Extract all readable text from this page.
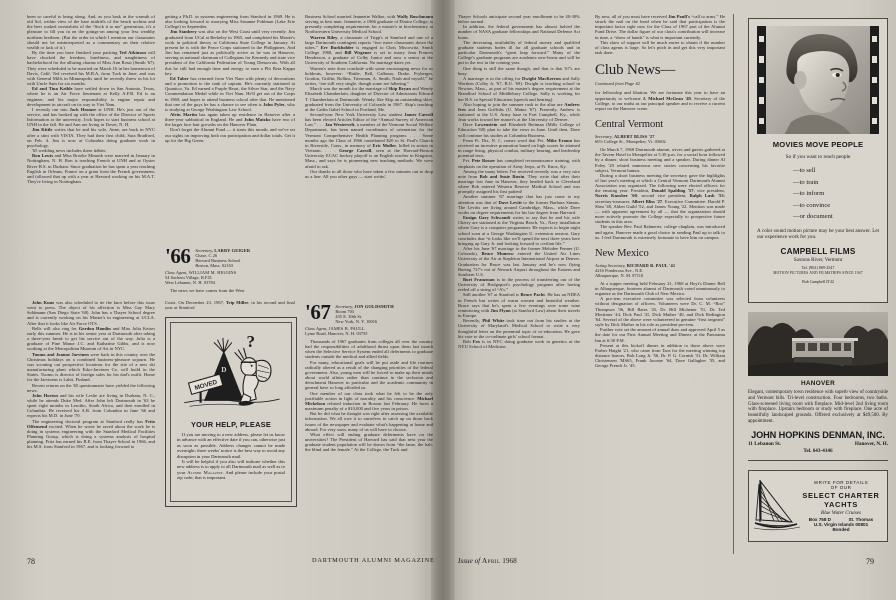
been so careful to bring along. And, as you bask in the warmth of old Sol, within view of the bare midriffs of the beach urchins and the beer soaked sweatshirts of the “Sock it to me” generation, it's a pleasure to fill you in on the goings-on among your less wealthy northern brethren. (But the order in which I mention our classmates should not be misinterpreted as a commentary on their relative wealth or lack of it.)

By the time you have finished your packing Ted Atkinson will have chucked the freedom, loneliness, and naughtiness of bachelorhood for the alluring charms of Miss Ann Rossi (Smith '67). They were scheduled to be married on March 16 in her hometown of Davis, Calif. Ted received his M.B.A. from Tuck in June, and was with General Mills in Minneapolis until he recently threw in his lot with Uncle Sam for six months.

Ed and Tina Keible have settled down in San Antonio, Texas, where he is an Air Force lieutenant at Kelly A.F.B. Ed is an engineer, and his major responsibility is engine repair and development in aircraft on its way to Viet Nam.

I recently ran into Jock Hosmer at UNH. He's just out of the service, and has hooked up with the office of the Director of Sports Information at the university. Jock hopes to start business school at UNH in the fall. He and Ann are living in Dover, N. H.

Jim Kittle writes that he and his wife, Anne, are back in NYC after a stint with VISTA. They had their first child, Sara Bradford, on Feb. 4. Jim is now at Columbia doing graduate work in psychology.

'65 wedding news includes these tidbits:

Ron Lewis and Miss Brooke Minarik were married in January in Nottingham, N. H. Ron is teaching French at UNH and at Oyster River H.S. in Durham. Since graduation he has spent a year teaching English in Orleans, France on a grant from the French government, and followed that up with a year at Harvard working on his M.A.T. They're living in Nottingham.

John Kunz was also scheduled to tie the knot before this issue went to press. The object of his affection is Miss Gay Mary Soldmann (San Diego State '68). John has a Thayer School degree and is currently working on his Master's in engineering at UCLA. After that it looks like Air Force OTS.

Bells will also ring for Gordon Hamlin and Miss Julia Keiser early this summer. He is in his senior year at Dartmouth after taking a three-year break to get his service out of the way. Julia is a graduate of Pine Manor J.C. and Katharine Gibbs, and is now working at the Metropolitan Museum of Art in NYC.

Tuomo and Joanne Jarvinen were back in this country over the Christmas holidays on a combined business-pleasure sojourn. He was scouting out prospective locations for the site of a new ski manufacturing plant which Esko-Jarvinen Co. will build in the States. Tuomo is director of foreign sales for his dad's outfit. Home for the Jarvinens is Lahti, Finland.

Recent returns on the '65 questionnaire have yielded the following news:

John Horton and his wife Leslie are living in Durham, N. C., while he attends Duke Med. After John left Dartmouth in '63 he spent eight months in Lesotho, South Africa, and then enrolled in Columbia. He received his A.B. from Columbia in June '66 and expects his M.D. in June '70.

The engineering doctoral program at Stanford really has Fritz Offensend excited. When he wrote he raved about the work he is doing in systems engineering with the Stanford Medical Facilities Planning Group, which is doing a systems analysis of hospital planning. Fritz has earned his B.E. from Thayer School in 1966, and his M.S. from Stanford in 1967, and is looking forward to

getting a Ph.D. in systems engineering from Stanford in 1969. He is also looking forward to marrying Miss Susanne Pohlman (Lake Erie College) in September.

Jim Stanbery was also on the West Coast until very recently. Jim graduated from UCal at Berkeley in 1965, and completed his Master's work in political theory at California State College in January. At present he is with the Peace Corps stationed in the Philippines. And Jim has remained just as politically active as he was in Hanover, serving as national chairman of Collegians for Kennedy and state vice president of the California Federation of Young Democrats. With all this he still had enough time and energy to earn a Phi Beta Kappa key.

Ed Taber has returned from Viet Nam with plenty of decorations and a promotion to the rank of captain. He's currently stationed at Quantico, Va. Ed earned a Purple Heart, the Silver Star, and the Navy Commendation Medal while in Viet Nam. He'll get out of the Corps in 1969, and hopes to attend business school after that. He mentioned that one of the guys he has a chance to see often is John Pyles, who is studying at George Washington Law School.

Alvin Martin has again taken up residence in Hanover after a three-year sabbatical in England. He and John Matzko have two of the larger face hair growths on the Hanover Plain.

Don't forget the Alumni Fund — it starts this month, and we've set our sights on improving both our participation and dollar totals. Get it up for the Big Green.

'66 Secretary, LARRY GEIGER
Chase, C 26
Harvard Business School
Boston, Mass. 02163
Class Agent, WILLIAM M. HIGGINS
54 Sachem Village, R.F.D.
West Lebanon, N. H. 03784

The news we have comes from the West

Coast. On December 23, 1967, Trip Miller, in his second and final year at Stanford

D
?
MOVED
YOUR HELP, PLEASE

If you are moving to a new address, please let us know in advance with an effective date if you can, otherwise just as soon as possible. Address changes cannot be made overnight; three weeks' notice is the best way to avoid any disruption in your Dartmouth mail.

It will be helpful if you also will indicate whether this new address is to apply to all Dartmouth mail as well as to your Alumni Magazine. And please include your postal zip code; that is important.

Business School married Jeannette Walker, with Wally Buschmann serving as best man. Jeannette, a 1966 graduate of Elmira College, is presently completing requirements for a master's in biochemistry at Northwestern University Medical School.

Warren Riley, a classmate of Tripp's at Stanford and one of a large Dartmouth contingent reports “two more classmates down the tubes.” Erv Burkholder is engaged to Chris Miscowitz, Smith College 1968, and Bill Wegener is set to marry Jean Frances Henderson, a graduate of Colby Junior and now a senior at the University of Southern California. No marriage dates yet.

Warren's note does conclude with some encouraging news for us holdouts, however: “Battle, Bell, Calhoun, Drake, Fryberger, Gordon, Griffin, Rollins, Triesman, A. Smith, Nash and myself,” he writes, “are still very single, though some are faltering.”

March was the month for the marriage of Skip Bryan and Wendy Elizabeth Chamberlain, daughter of Director of Admissions Edward T. Chamberlain at Dartmouth. Wendy, like Skip an outstanding skier, graduated from the University of Colorado in 1967. Skip's teaching at the Catlin Gabel School in Portland, Me.

Second-year New York University Law student James Carroll has been elected Articles Editor of the “Annual Survey of American Law.” . . . Jan Westervelt, a member of the Vermont Social Welfare Department, has been named coordinator of orientation for the Vermont Comprehensive Health Planning program. . . . Some months ago the Class of 1966 contributed $20 to St. Paul's Church in Riverside, Conn., in memory of Eric Muller, killed in action in Vietnam. . . . George Carroll, seen at the Harvard-Boston University ECAC hockey playoff is an English teacher in Kingston, Mass., and says he is pioneering new teaching methods. We were afraid to ask.

Our thanks to all those who have taken a few minutes out to drop us a line. All you other guys — start writin'.

'67 Secretary, JON GOLDSMITH
Room 703
435 E. 30th St.
New York, N. Y. 10016
Class Agent, JAMES B. PAULL
Lyme Road, Hanover, N. H. 03755

Thousands of 1967 graduates from colleges all over the country had the responsibilities of adulthood thrust upon them last month when the Selective Service System ended all deferments to graduate students outside the medical and allied fields.

For many, educational goals will be put aside and life routines radically altered as a result of the changing priorities of the federal government. Also, young men will be forced to make up their minds about world affairs rather than continue in the seclusion and detachment Hanover in particular and the academic community in general have so long afforded us.

One member of our class took what he felt to be the only justifiable action in light of morality and his conscience. Michael Mickelson refused induction in Boston last February. He faces a maximum penalty of a $10,000 and five years in prison.

But he did what he thought was right after assessing the available information. We all owe it to ourselves to catch up on those back issues of the newspaper and evaluate what's happening at home and abroad. For very soon, many of us will have to choose.

What effect will ending graduate deferments have on the universities? The President of Harvard has said that next year the graduate student population will be drawn from “the lame, the halt, the blind and the female.” At the College, the Tuck and

Thayer Schools anticipate second year enrollment to be 20-30% below normal.

In addition, the federal government has almost halved the number of NASA graduate fellowships and National Defense Act loans.

The decreasing availability of federal money and qualified graduate students bodes ill for all graduate schools and in particular Dartmouth's “great leap forward.” Many of the College's graduate programs are academic new-borns and will be put to the test in the coming year.

One thing is still the same though, and that is that '67's are busy.

A marriage is in the offing for Dwight MacKerron and Sally Worthen (Colby Jr. '67, B.U. '69). Dwight is teaching school in Newton, Mass., as part of his master's degree requirement at the Breadloaf School of Middlebury College. Sally is working for her B.S. in Special Education (speech and hearing).

Also hoping to join the summer rush to the altar are Andrew Ives and Jean Griffiths (U. Maine '67). Presently, Andrew is stationed at the U.S. Army base in Fort Campbell, Ky., while Jean works toward her master's at the University of Denver.

Dave Lowenstein and Elizabeth Reitman (Mills College of Education '68) plan to take the vows in June. Until then, Dave will continue his studies at Columbia Business.

From Ft. Dix, N. J., comes word that Pvt. Mike Eramo has received an incentive promotion based on high scores he attained in range firing, physical combat, military bearing, and leadership potential tests.

Pvt. Pete Rosser has completed reconnaissance training, with emphasis on the operation of Army Jeeps, at Ft. Knox, Ky.

Among the many letters I've received recently was a very nice note from Bob and Susie Ruxin. They write that after their marriage last June in Hanover, they headed back to Cleveland where Bob entered Western Reserve Medical School and was promptly assigned his first patient!

Another summer '67 marriage that has just come to my attention was that of Dave Levitt to the former Barbara Simms. The Levitts are living around Cambridge, Mass., while Dave works on degree requirements for his law degree from Harvard.

Ensign Gary Schwandt writes to say that he and his wife Cherry are stationed at the Virginia Beach, Va., Navy installation where Gary is a computer programmer. He expects to begin night school soon at a George Washington U. extension session. Gary concludes that “it looks like we'll spend the next three years here bringing up Gary Jr. and looking forward to civilian life.”

After his June '67 marriage to the former Melodee Penner (U. Colorado), Bruce Munrow entered the United Air Lines University of the Air at Stapleton International Airport in Denver. Graduation for Bruce was last January and he's now flying Boeing 727's out of Newark Airport throughout the Eastern and Southern U.S.

Burt Franzman is in the process of transferring out of the University of Bridgeport's psychology program after having reeled off a string of “A's.”

Still another '67 at Stanford is Bruce Pacht. He has an NDEA in French but writes of warm women and beautiful weather. Bruce says that he's spent a few evenings over some wine reminiscing with Jim Flynn (at Stanford Law) about their travels in Europe.

Recently, Phil White took time out from his studies at the University of Maryland's Medical School to write a very thoughtful letter on the perennial topic of co-education. He gave his vote to the co-ordinate girls' school format.

Bob Fox is in NYC doing graduate work in genetics at the NYU School of Medicine.

By now, all of you must have received Jim Paull's “call to arms.” He struck the nail on the head when he said that participation is the important factor right now for the Class of 1967 part of the Alumni Fund Drive. The dollar figure of our class's contribution will increase in time, a “show of hands” is what is important currently.

This show of support will be much easier to obtain if the number of class agents is large. So let's pitch in and get this very important task done.

Club News—
Continued from Page 42

for fellowship and libation. We are fortunate this year to have an opportunity to welcome J. Michael McGean '49, Secretary of the College, to our midst as our principal speaker and to receive a current report on the Hanover scene.

Central Vermont
Secretary, ALBERT BLISS '27
60½ College St., Montpelier, Vt. 05602

On March 7, 1968 Dartmouth alumni, wives and guests gathered at the Tavern Hotel in Montpelier at 5:30 p.m. for a social hour followed by a dinner, short business meeting and a speaker. During dinner Al Foley '20 related numerous new stories concerning his favorite subject, Vermont humor.

During a short business meeting the secretary gave the highlights of last year's meeting at which a Central Vermont Dartmouth Alumni Association was organized. The following were elected officers for the ensuing year: President, Donald Spalding '57; vice president, Norris Knosher '60; second vice president, Ralph Lash '53; secretary-treasurer, Albert Bliss '27. Executive Committee: Harold P. Shea '48, Alden Guild '52, and James Young '22. Mention was made — with apparent agreement by all — that the organization should more actively promote the College especially to prospective future students in this area.

The speaker Rev. Paul Rahmeier, college chaplain, was introduced and again, Hanover made a good choice in sending Paul up to talk to us. I feel Dartmouth is extremely fortunate to have him on campus.

New Mexico
Acting Secretary, RICHARD B. PAUL '41
4216 Ponderosa Ave., N.E.
Albuquerque, N. M. 87110

At a supper meeting held February 21, 1968 at Hoyt's Dinner Bell in Albuquerque, fourteen alumni of Dartmouth voted unanimously to organize as the Dartmouth Club of New Mexico.

A pro-tem executive committee was selected from volunteers without designation of officers. Volunteers were Dr. C. M. “Roo” Thompson '36, Bill Bates '45, Dr. Bill Michener '51, Dr. Ted Mortimer '44, Dick Paul '41, Dick Mather '40, and Dick Redington '64. Several of the above were volunteered in genuine “first sergeant” style by Dick Mather in his role as president pro-tem.

Further vote set the amount of annual dues and approved April 5 as the date for our First Annual Meeting and Dinner, at the Panorama Inn at 6:30 P.M.

Present at this kickoff dinner in addition to those above were Furber Haight '21, who came from Taos for the meeting winning top distance honors, Bob Long Jr. '56, Dr. P. G. Cornish '31, Dr. William Christensen 'MS65, Frank Jacome '64, Dave Gallagher '35, and George French Jr. '45.

MOVIES MOVE PEOPLE
So if you want to reach people
—to sell
—to train
—to inform
—to convince
—or document
A color sound motion picture may be your best answer. Let our experience work for you.
CAMPBELL FILMS
Saxtons River, Vermont
Tel. (802) 869-2547
MOTION PICTURES AND FILMSTRIPS SINCE 1947
Bob Campbell D'42
HANOVER
Elegant, contemporary town residence with superb view of countryside and Vermont hills. Tri-level construction. Four bedrooms, two baths. Glass-screened living room with fireplace. Mid-level 2nd living room with fireplace. Upstairs bedroom or study with fireplace. One acre of beautifully landscaped grounds. Offered exclusively at $49,500. By appointment.
JOHN HOPKINS DENMAN, INC.
11 Lebanon St.	Hanover, N. H.
Tel. 643-4146
WRITE FOR DETAILS
OF OUR
SELECT CHARTER
YACHTS
Blue Water Cruises
Box 758 D	St. Thomas
U.S. Virgin Islands 00801
Bonded
78	DARTMOUTH ALUMNI MAGAZINE	Issue of April 1968	79
